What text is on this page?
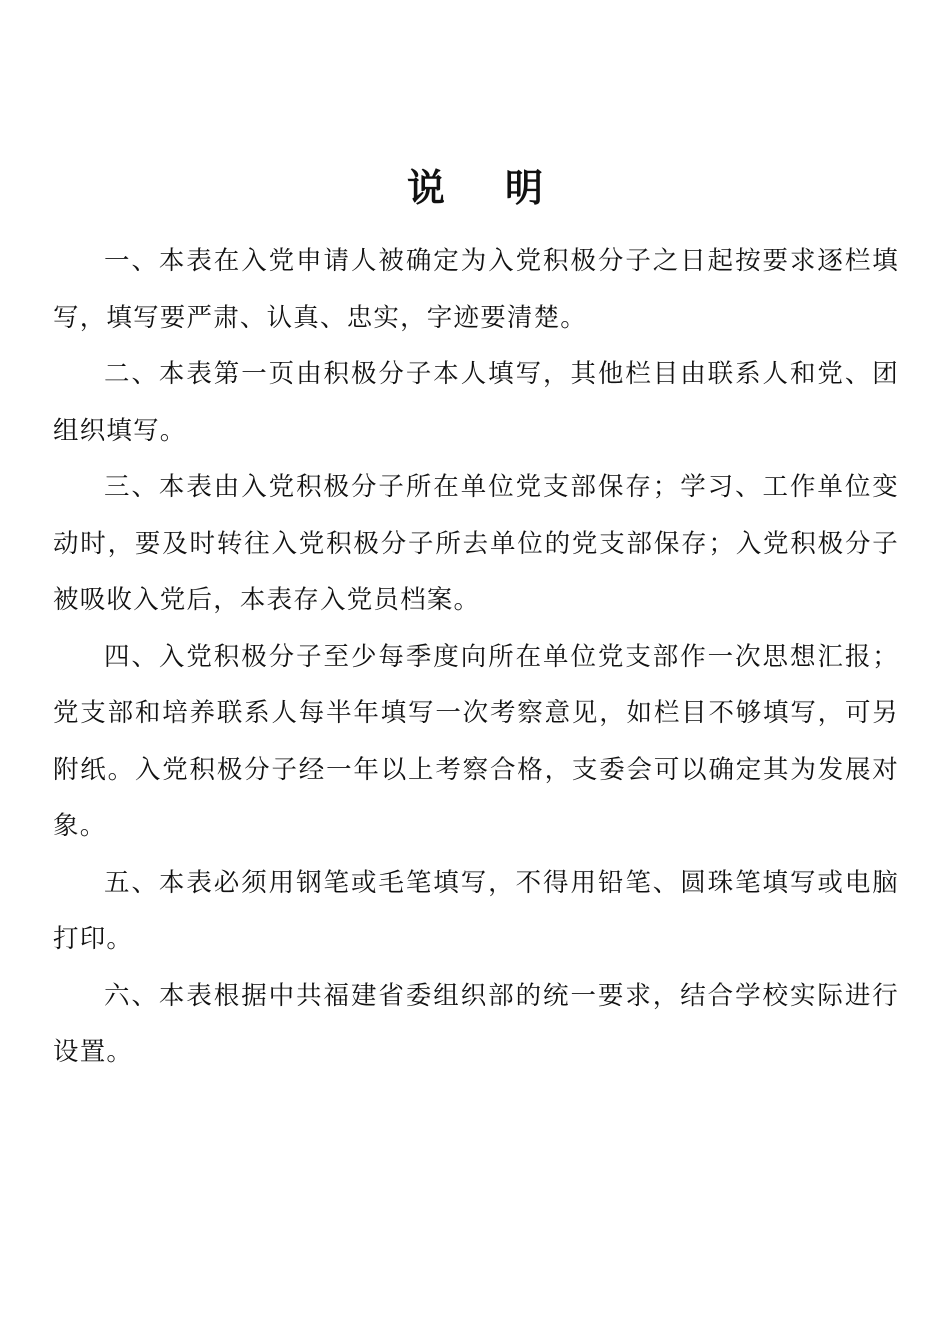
说明

一、本表在入党申请人被确定为入党积极分子之日起按要求逐栏填写，填写要严肃、认真、忠实，字迹要清楚。

二、本表第一页由积极分子本人填写，其他栏目由联系人和党、团组织填写。

三、本表由入党积极分子所在单位党支部保存；学习、工作单位变动时，要及时转往入党积极分子所去单位的党支部保存；入党积极分子被吸收入党后，本表存入党员档案。

四、入党积极分子至少每季度向所在单位党支部作一次思想汇报；党支部和培养联系人每半年填写一次考察意见，如栏目不够填写，可另附纸。入党积极分子经一年以上考察合格，支委会可以确定其为发展对象。

五、本表必须用钢笔或毛笔填写，不得用铅笔、圆珠笔填写或电脑打印。

六、本表根据中共福建省委组织部的统一要求，结合学校实际进行设置。
